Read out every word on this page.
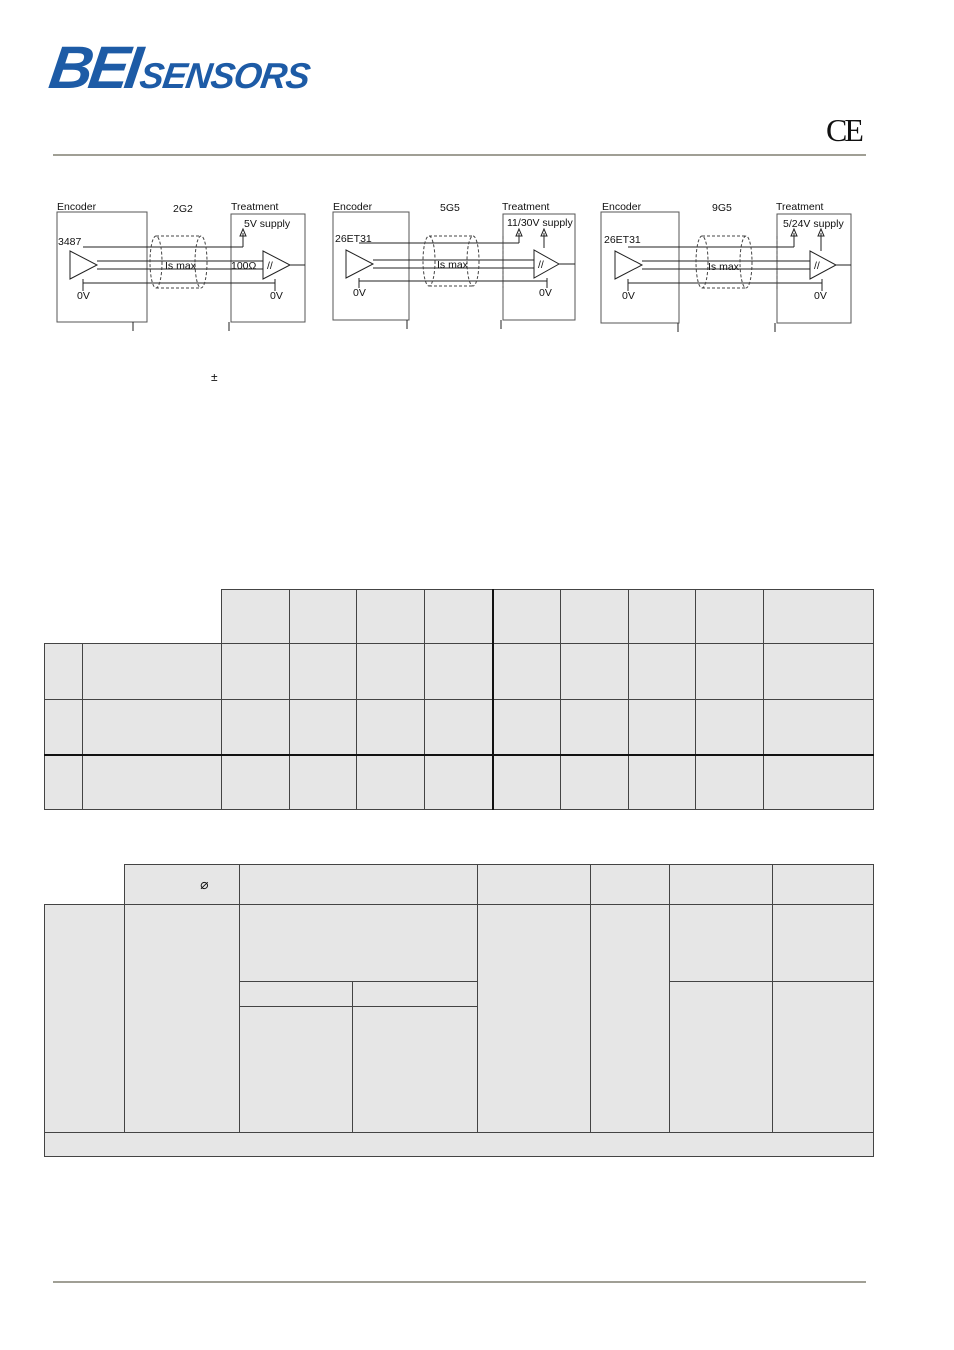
BEISENSORS
CE
Encoder	2G2	Treatment
5V supply
3487
Is max	100Ω //
0V	0V
Encoder	5G5	Treatment
11/30V supply
26ET31
Is max	//
0V	0V
Encoder	9G5	Treatment
5/24V supply
26ET31
Is max	//
0V	0V
±

	⌀						
